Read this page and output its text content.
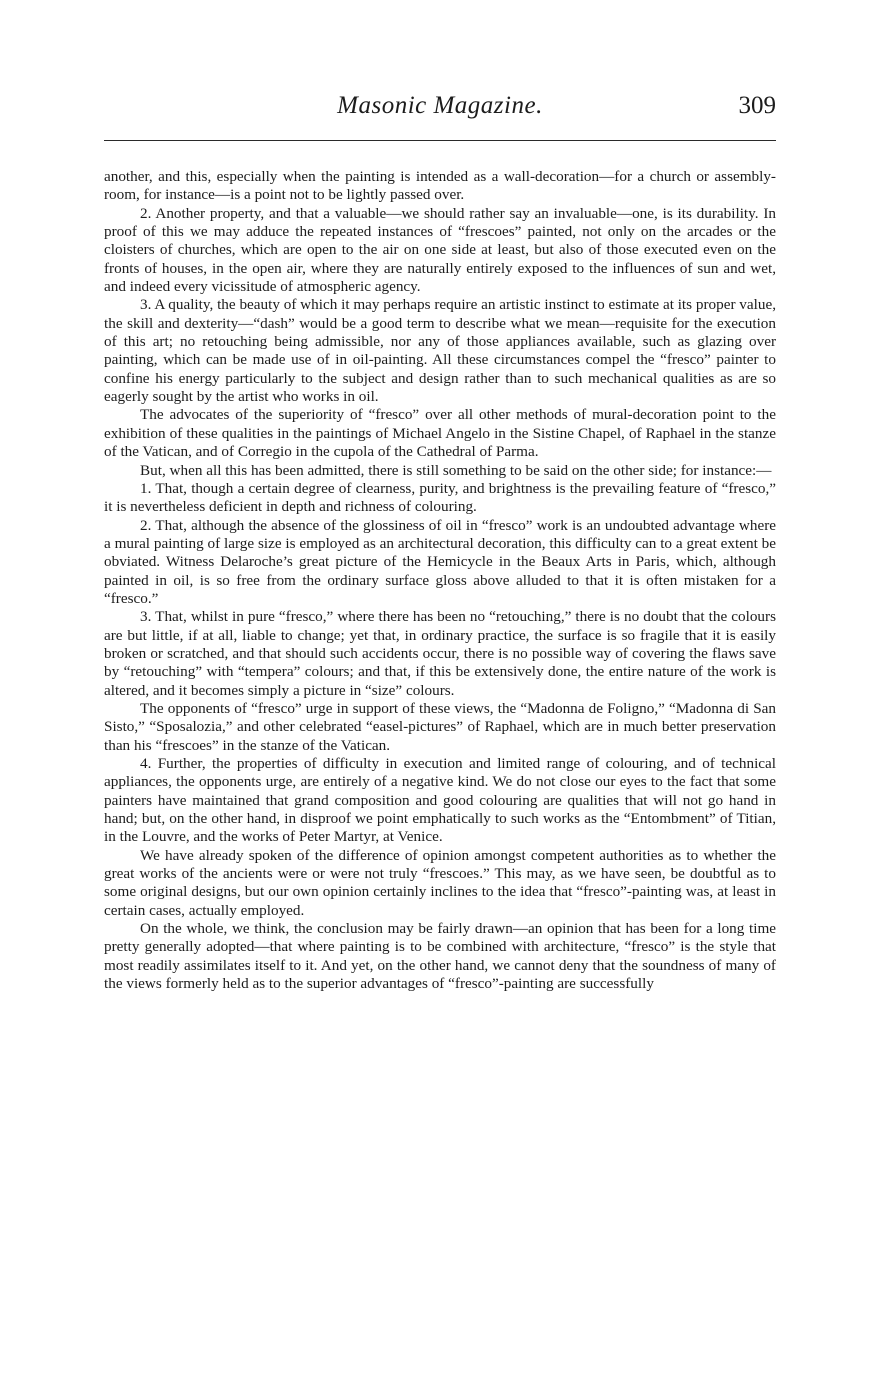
Masonic Magazine.	309

another, and this, especially when the painting is intended as a wall-decoration—for a church or assembly-room, for instance—is a point not to be lightly passed over.

2. Another property, and that a valuable—we should rather say an invaluable—one, is its durability. In proof of this we may adduce the repeated instances of “frescoes” painted, not only on the arcades or the cloisters of churches, which are open to the air on one side at least, but also of those executed even on the fronts of houses, in the open air, where they are naturally entirely exposed to the influences of sun and wet, and indeed every vicissitude of atmospheric agency.

3. A quality, the beauty of which it may perhaps require an artistic instinct to estimate at its proper value, the skill and dexterity—“dash” would be a good term to describe what we mean—requisite for the execution of this art; no retouching being admissible, nor any of those appliances available, such as glazing over painting, which can be made use of in oil-painting. All these circumstances compel the “fresco” painter to confine his energy particularly to the subject and design rather than to such mechanical qualities as are so eagerly sought by the artist who works in oil.

The advocates of the superiority of “fresco” over all other methods of mural-decoration point to the exhibition of these qualities in the paintings of Michael Angelo in the Sistine Chapel, of Raphael in the stanze of the Vatican, and of Corregio in the cupola of the Cathedral of Parma.

But, when all this has been admitted, there is still something to be said on the other side; for instance:—

1. That, though a certain degree of clearness, purity, and brightness is the prevailing feature of “fresco,” it is nevertheless deficient in depth and richness of colouring.

2. That, although the absence of the glossiness of oil in “fresco” work is an undoubted advantage where a mural painting of large size is employed as an architectural decoration, this difficulty can to a great extent be obviated. Witness Delaroche’s great picture of the Hemicycle in the Beaux Arts in Paris, which, although painted in oil, is so free from the ordinary surface gloss above alluded to that it is often mistaken for a “fresco.”

3. That, whilst in pure “fresco,” where there has been no “retouching,” there is no doubt that the colours are but little, if at all, liable to change; yet that, in ordinary practice, the surface is so fragile that it is easily broken or scratched, and that should such accidents occur, there is no possible way of covering the flaws save by “retouching” with “tempera” colours; and that, if this be extensively done, the entire nature of the work is altered, and it becomes simply a picture in “size” colours.

The opponents of “fresco” urge in support of these views, the “Madonna de Foligno,” “Madonna di San Sisto,” “Sposalozia,” and other celebrated “easel-pictures” of Raphael, which are in much better preservation than his “frescoes” in the stanze of the Vatican.

4. Further, the properties of difficulty in execution and limited range of colouring, and of technical appliances, the opponents urge, are entirely of a negative kind. We do not close our eyes to the fact that some painters have maintained that grand composition and good colouring are qualities that will not go hand in hand; but, on the other hand, in disproof we point emphatically to such works as the “Entombment” of Titian, in the Louvre, and the works of Peter Martyr, at Venice.

We have already spoken of the difference of opinion amongst competent authorities as to whether the great works of the ancients were or were not truly “frescoes.” This may, as we have seen, be doubtful as to some original designs, but our own opinion certainly inclines to the idea that “fresco”-painting was, at least in certain cases, actually employed.

On the whole, we think, the conclusion may be fairly drawn—an opinion that has been for a long time pretty generally adopted—that where painting is to be combined with architecture, “fresco” is the style that most readily assimilates itself to it. And yet, on the other hand, we cannot deny that the soundness of many of the views formerly held as to the superior advantages of “fresco”-painting are successfully
